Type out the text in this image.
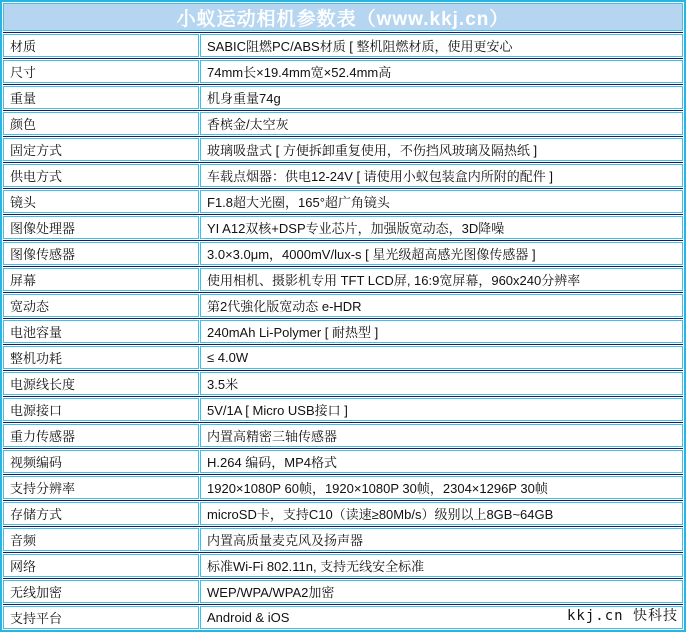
小蚁运动相机参数表（www.kkj.cn）
材质	SABIC阻燃PC/ABS材质 [ 整机阻燃材质，使用更安心
尺寸	74mm长×19.4mm宽×52.4mm高
重量	机身重量74g
颜色	香槟金/太空灰
固定方式	玻璃吸盘式 [ 方便拆卸重复使用，不伤挡风玻璃及隔热纸 ]
供电方式	车载点烟器：供电12-24V [ 请使用小蚁包装盒内所附的配件 ]
镜头	F1.8超大光圈，165°超广角镜头
图像处理器	YI A12双核+DSP专业芯片，加强版宽动态，3D降噪
图像传感器	3.0×3.0μm，4000mV/lux-s [ 星光级超高感光图像传感器 ]
屏幕	使用相机、摄影机专用 TFT LCD屏, 16:9宽屏幕，960x240分辨率
宽动态	第2代強化版宽动态 e-HDR
电池容量	240mAh Li-Polymer [ 耐热型 ]
整机功耗	≤ 4.0W
电源线长度	3.5米
电源接口	5V/1A [ Micro USB接口 ]
重力传感器	内置高精密三轴传感器
视频编码	H.264 编码，MP4格式
支持分辨率	1920×1080P 60帧，1920×1080P 30帧，2304×1296P 30帧
存储方式	microSD卡，支持C10（读速≥80Mb/s）级别以上8GB~64GB
音频	内置高质量麦克风及扬声器
网络	标准Wi-Fi 802.11n, 支持无线安全标准
无线加密	WEP/WPA/WPA2加密
支持平台	Android & iOS	kkj.cn 快科技
